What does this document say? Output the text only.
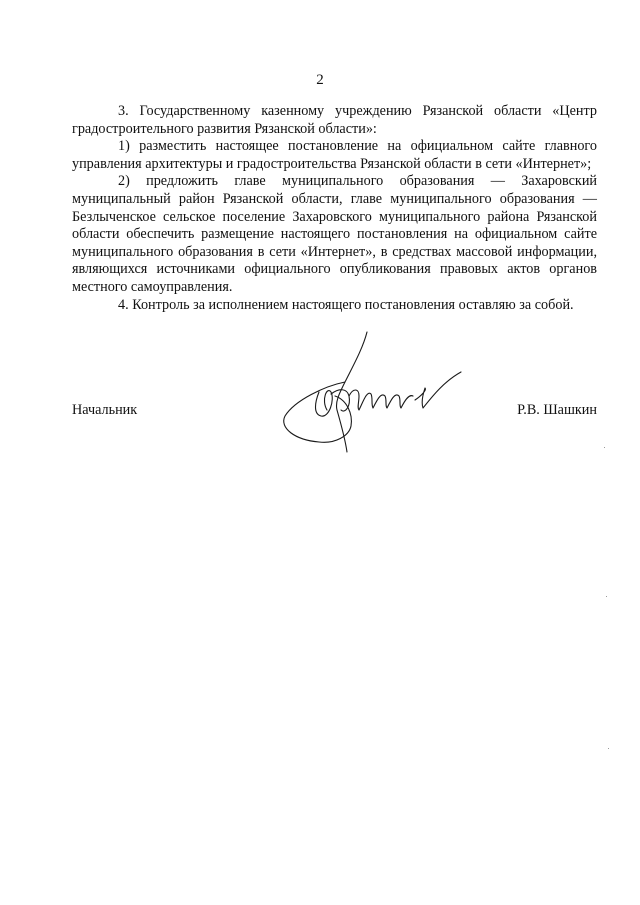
2

3. Государственному казенному учреждению Рязанской области «Центр градостроительного развития Рязанской области»:

1) разместить настоящее постановление на официальном сайте главного управления архитектуры и градостроительства Рязанской области в сети «Интернет»;

2) предложить главе муниципального образования — Захаровский муниципальный район Рязанской области, главе муниципального образования — Безлыченское сельское поселение Захаровского муниципального района Рязанской области обеспечить размещение настоящего постановления на официальном сайте муниципального образования в сети «Интернет», в средствах массовой информации, являющихся источниками официального опубликования правовых актов органов местного самоуправления.

4. Контроль за исполнением настоящего постановления оставляю за собой.

Начальник	Р.В. Шашкин
